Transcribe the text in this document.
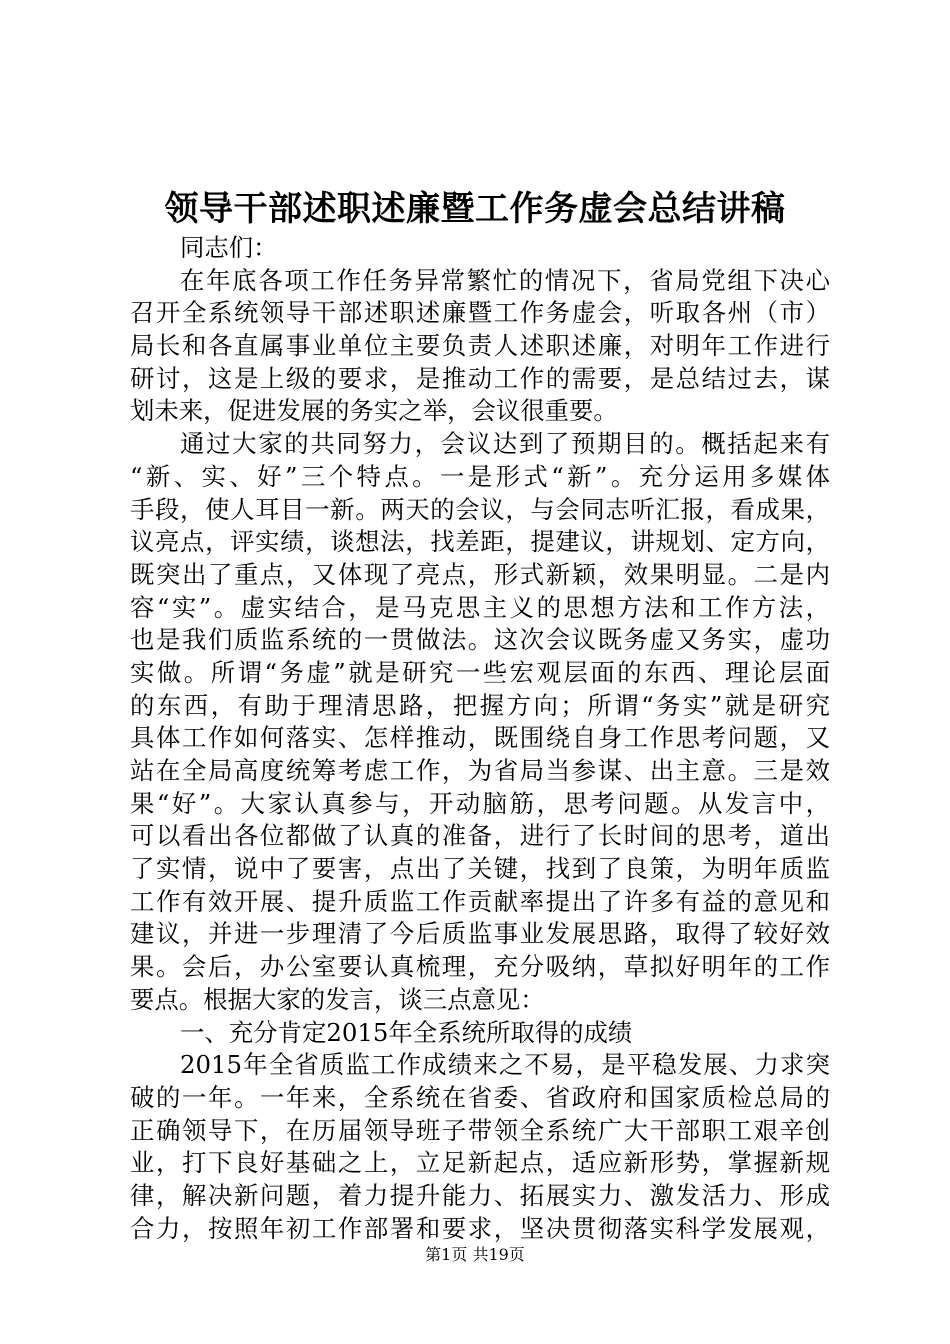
领导干部述职述廉暨工作务虚会总结讲稿
同志们：
在年底各项工作任务异常繁忙的情况下，省局党组下决心
召开全系统领导干部述职述廉暨工作务虚会，听取各州（市）
局长和各直属事业单位主要负责人述职述廉，对明年工作进行
研讨，这是上级的要求，是推动工作的需要，是总结过去，谋
划未来，促进发展的务实之举，会议很重要。
通过大家的共同努力，会议达到了预期目的。概括起来有
“新、实、好”三个特点。一是形式“新”。充分运用多媒体
手段，使人耳目一新。两天的会议，与会同志听汇报，看成果，
议亮点，评实绩，谈想法，找差距，提建议，讲规划、定方向，
既突出了重点，又体现了亮点，形式新颖，效果明显。二是内
容“实”。虚实结合，是马克思主义的思想方法和工作方法，
也是我们质监系统的一贯做法。这次会议既务虚又务实，虚功
实做。所谓“务虚”就是研究一些宏观层面的东西、理论层面
的东西，有助于理清思路，把握方向；所谓“务实”就是研究
具体工作如何落实、怎样推动，既围绕自身工作思考问题，又
站在全局高度统筹考虑工作，为省局当参谋、出主意。三是效
果“好”。大家认真参与，开动脑筋，思考问题。从发言中，
可以看出各位都做了认真的准备，进行了长时间的思考，道出
了实情，说中了要害，点出了关键，找到了良策，为明年质监
工作有效开展、提升质监工作贡献率提出了许多有益的意见和
建议，并进一步理清了今后质监事业发展思路，取得了较好效
果。会后，办公室要认真梳理，充分吸纳，草拟好明年的工作
要点。根据大家的发言，谈三点意见：
一、充分肯定2015年全系统所取得的成绩
2015年全省质监工作成绩来之不易，是平稳发展、力求突
破的一年。一年来，全系统在省委、省政府和国家质检总局的
正确领导下，在历届领导班子带领全系统广大干部职工艰辛创
业，打下良好基础之上，立足新起点，适应新形势，掌握新规
律，解决新问题，着力提升能力、拓展实力、激发活力、形成
合力，按照年初工作部署和要求，坚决贯彻落实科学发展观，
第1页 共19页
